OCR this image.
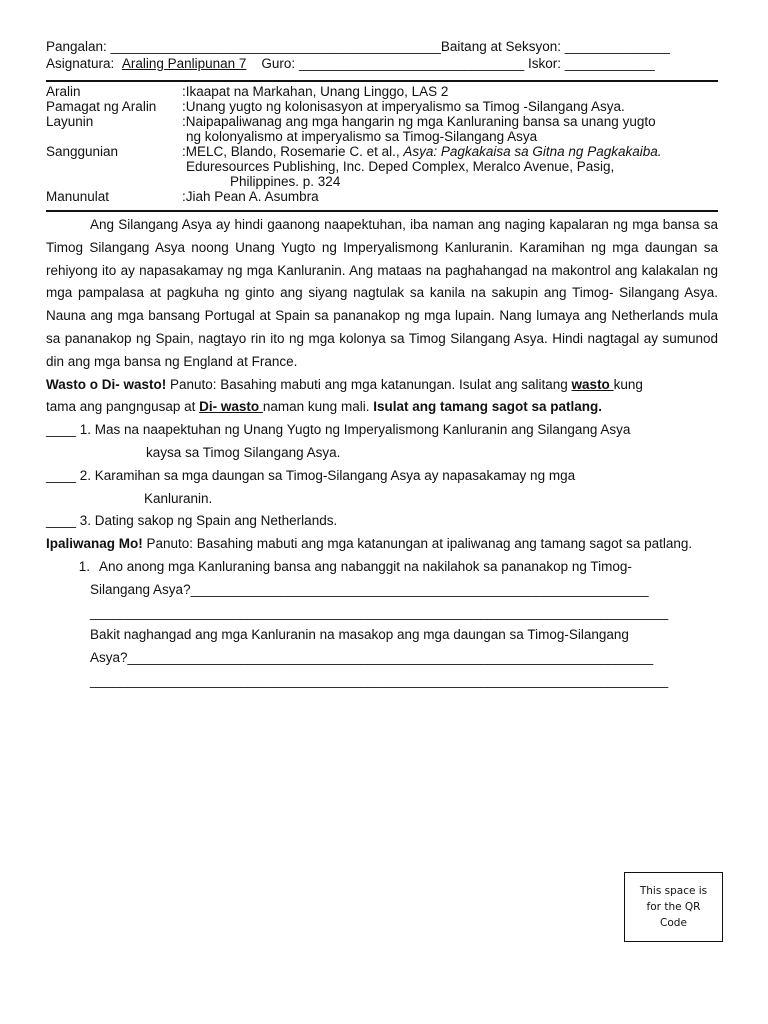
Pangalan: ____________________________________________Baitang at Seksyon: ______________
Asignatura:  Araling Panlipunan 7 Guro: ______________________________ Iskor: ____________
Aralin	:Ikaapat na Markahan, Unang Linggo, LAS 2
Pamagat ng Aralin	:Unang yugto ng kolonisasyon at imperyalismo sa Timog -Silangang Asya.
Layunin	:Naipapaliwanag ang mga hangarin ng mga Kanluraning bansa sa unang yugto
ng kolonyalismo at imperyalismo sa Timog-Silangang Asya
Sanggunian	:MELC, Blando, Rosemarie C. et al., Asya: Pagkakaisa sa Gitna ng Pagkakaiba.
Eduresources Publishing, Inc. Deped Complex, Meralco Avenue, Pasig,
Philippines. p. 324
Manunulat	:Jiah Pean A. Asumbra

Ang Silangang Asya ay hindi gaanong naapektuhan, iba naman ang naging kapalaran ng mga bansa sa Timog Silangang Asya noong Unang Yugto ng Imperyalismong Kanluranin. Karamihan ng mga daungan sa rehiyong ito ay napasakamay ng mga Kanluranin. Ang mataas na paghahangad na makontrol ang kalakalan ng mga pampalasa at pagkuha ng ginto ang siyang nagtulak sa kanila na sakupin ang Timog- Silangang Asya. Nauna ang mga bansang Portugal at Spain sa pananakop ng mga lupain. Nang lumaya ang Netherlands mula sa pananakop ng Spain, nagtayo rin ito ng mga kolonya sa Timog Silangang Asya. Hindi nagtagal ay sumunod din ang mga bansa ng England at France.

Wasto o Di- wasto! Panuto: Basahing mabuti ang mga katanungan. Isulat ang salitang wasto kung
tama ang pangngusap at Di- wasto naman kung mali. Isulat ang tamang sagot sa patlang.
____ 1. Mas na naapektuhan ng Unang Yugto ng Imperyalismong Kanluranin ang Silangang Asya
kaysa sa Timog Silangang Asya.
____ 2. Karamihan sa mga daungan sa Timog-Silangang Asya ay napasakamay ng mga
Kanluranin.
____ 3. Dating sakop ng Spain ang Netherlands.
Ipaliwanag Mo! Panuto: Basahing mabuti ang mga katanungan at ipaliwanag ang tamang sagot sa patlang.
1. Ano anong mga Kanluraning bansa ang nabanggit na nakilahok sa pananakop ng Timog-
Silangang Asya?_____________________________________________________________
_____________________________________________________________________________
Bakit naghangad ang mga Kanluranin na masakop ang mga daungan sa Timog-Silangang
Asya?______________________________________________________________________
_____________________________________________________________________________
This space is for the QR Code
